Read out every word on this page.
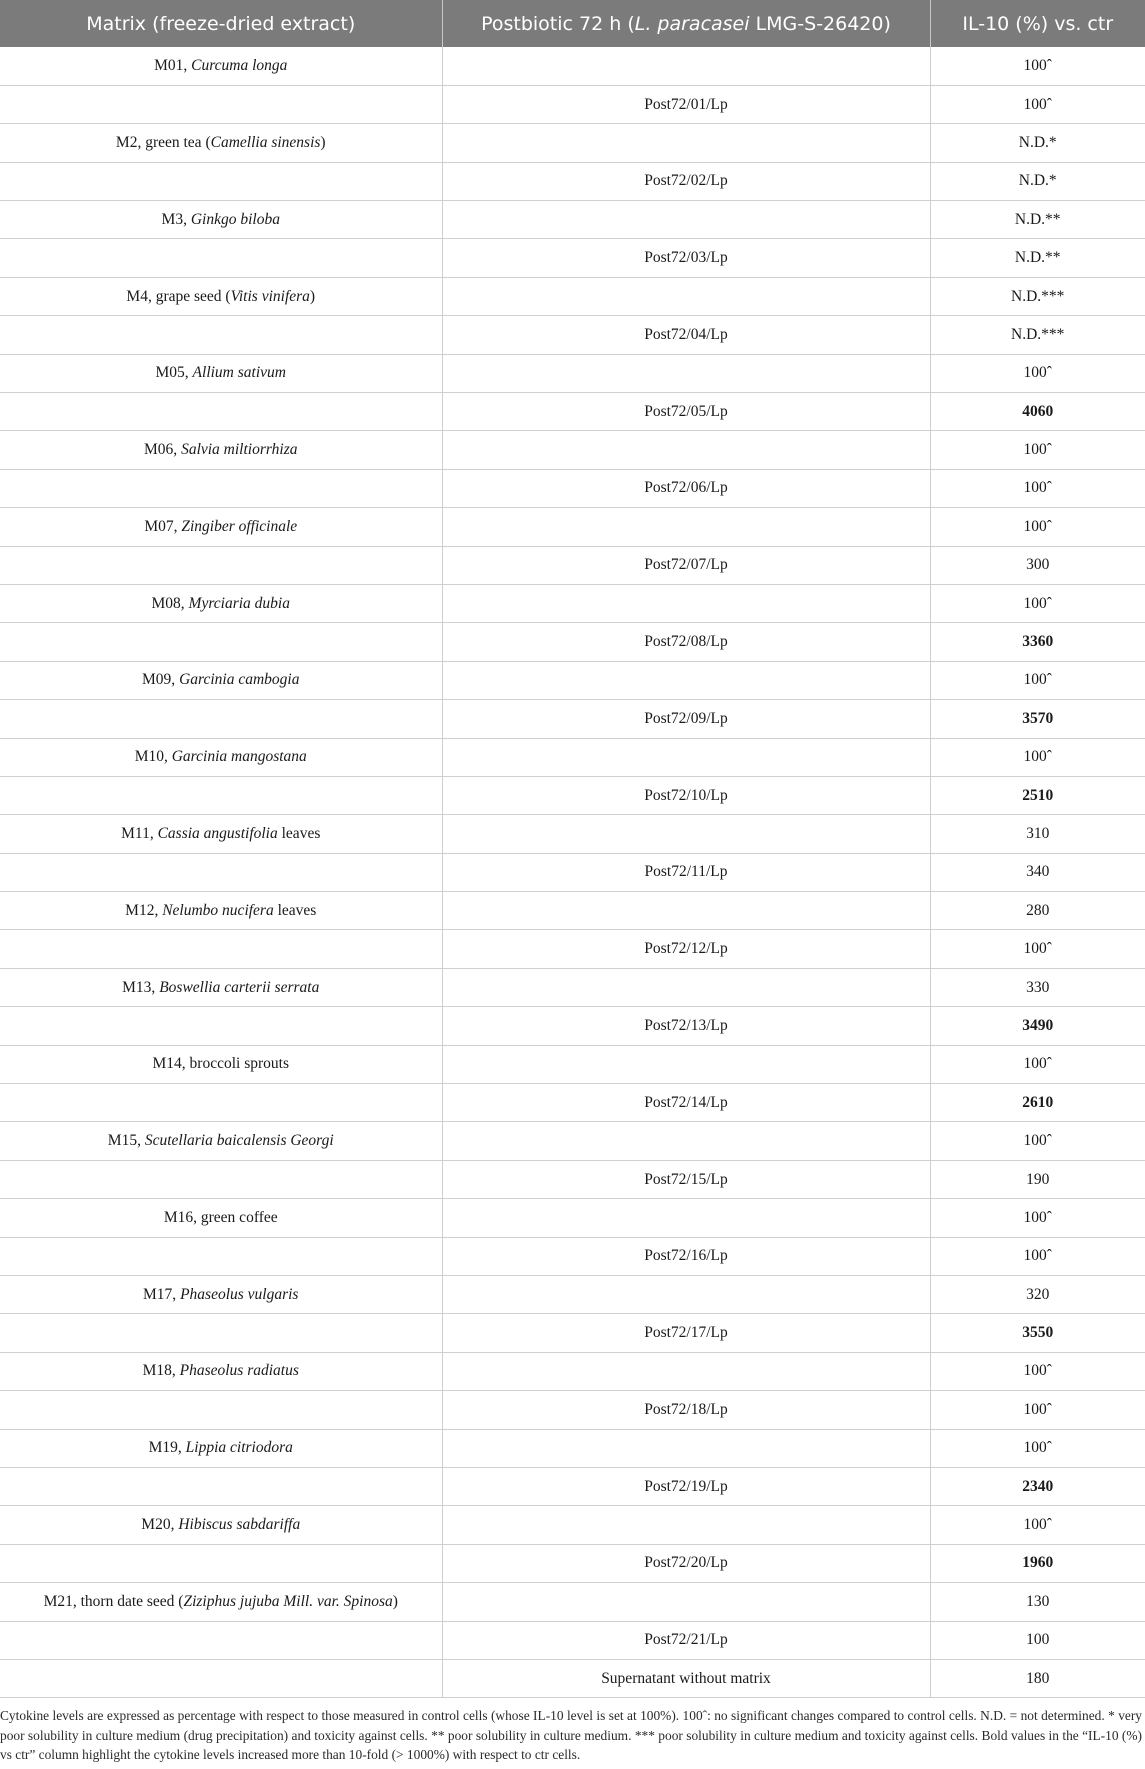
Matrix (freeze-dried extract)	Postbiotic 72 h (L. paracasei LMG-S-26420)	IL-10 (%) vs. ctr
M01, Curcuma longa		100ˆ
	Post72/01/Lp	100ˆ
M2, green tea (Camellia sinensis)		N.D.*
	Post72/02/Lp	N.D.*
M3, Ginkgo biloba		N.D.**
	Post72/03/Lp	N.D.**
M4, grape seed (Vitis vinifera)		N.D.***
	Post72/04/Lp	N.D.***
M05, Allium sativum		100ˆ
	Post72/05/Lp	4060
M06, Salvia miltiorrhiza		100ˆ
	Post72/06/Lp	100ˆ
M07, Zingiber officinale		100ˆ
	Post72/07/Lp	300
M08, Myrciaria dubia		100ˆ
	Post72/08/Lp	3360
M09, Garcinia cambogia		100ˆ
	Post72/09/Lp	3570
M10, Garcinia mangostana		100ˆ
	Post72/10/Lp	2510
M11, Cassia angustifolia leaves		310
	Post72/11/Lp	340
M12, Nelumbo nucifera leaves		280
	Post72/12/Lp	100ˆ
M13, Boswellia carterii serrata		330
	Post72/13/Lp	3490
M14, broccoli sprouts		100ˆ
	Post72/14/Lp	2610
M15, Scutellaria baicalensis Georgi		100ˆ
	Post72/15/Lp	190
M16, green coffee		100ˆ
	Post72/16/Lp	100ˆ
M17, Phaseolus vulgaris		320
	Post72/17/Lp	3550
M18, Phaseolus radiatus		100ˆ
	Post72/18/Lp	100ˆ
M19, Lippia citriodora		100ˆ
	Post72/19/Lp	2340
M20, Hibiscus sabdariffa		100ˆ
	Post72/20/Lp	1960
M21, thorn date seed (Ziziphus jujuba Mill. var. Spinosa)		130
	Post72/21/Lp	100
	Supernatant without matrix	180
Cytokine levels are expressed as percentage with respect to those measured in control cells (whose IL-10 level is set at 100%). 100ˆ: no significant changes compared to control cells. N.D. = not determined. * very poor solubility in culture medium (drug precipitation) and toxicity against cells. ** poor solubility in culture medium. *** poor solubility in culture medium and toxicity against cells. Bold values in the “IL-10 (%) vs ctr” column highlight the cytokine levels increased more than 10-fold (> 1000%) with respect to ctr cells.
